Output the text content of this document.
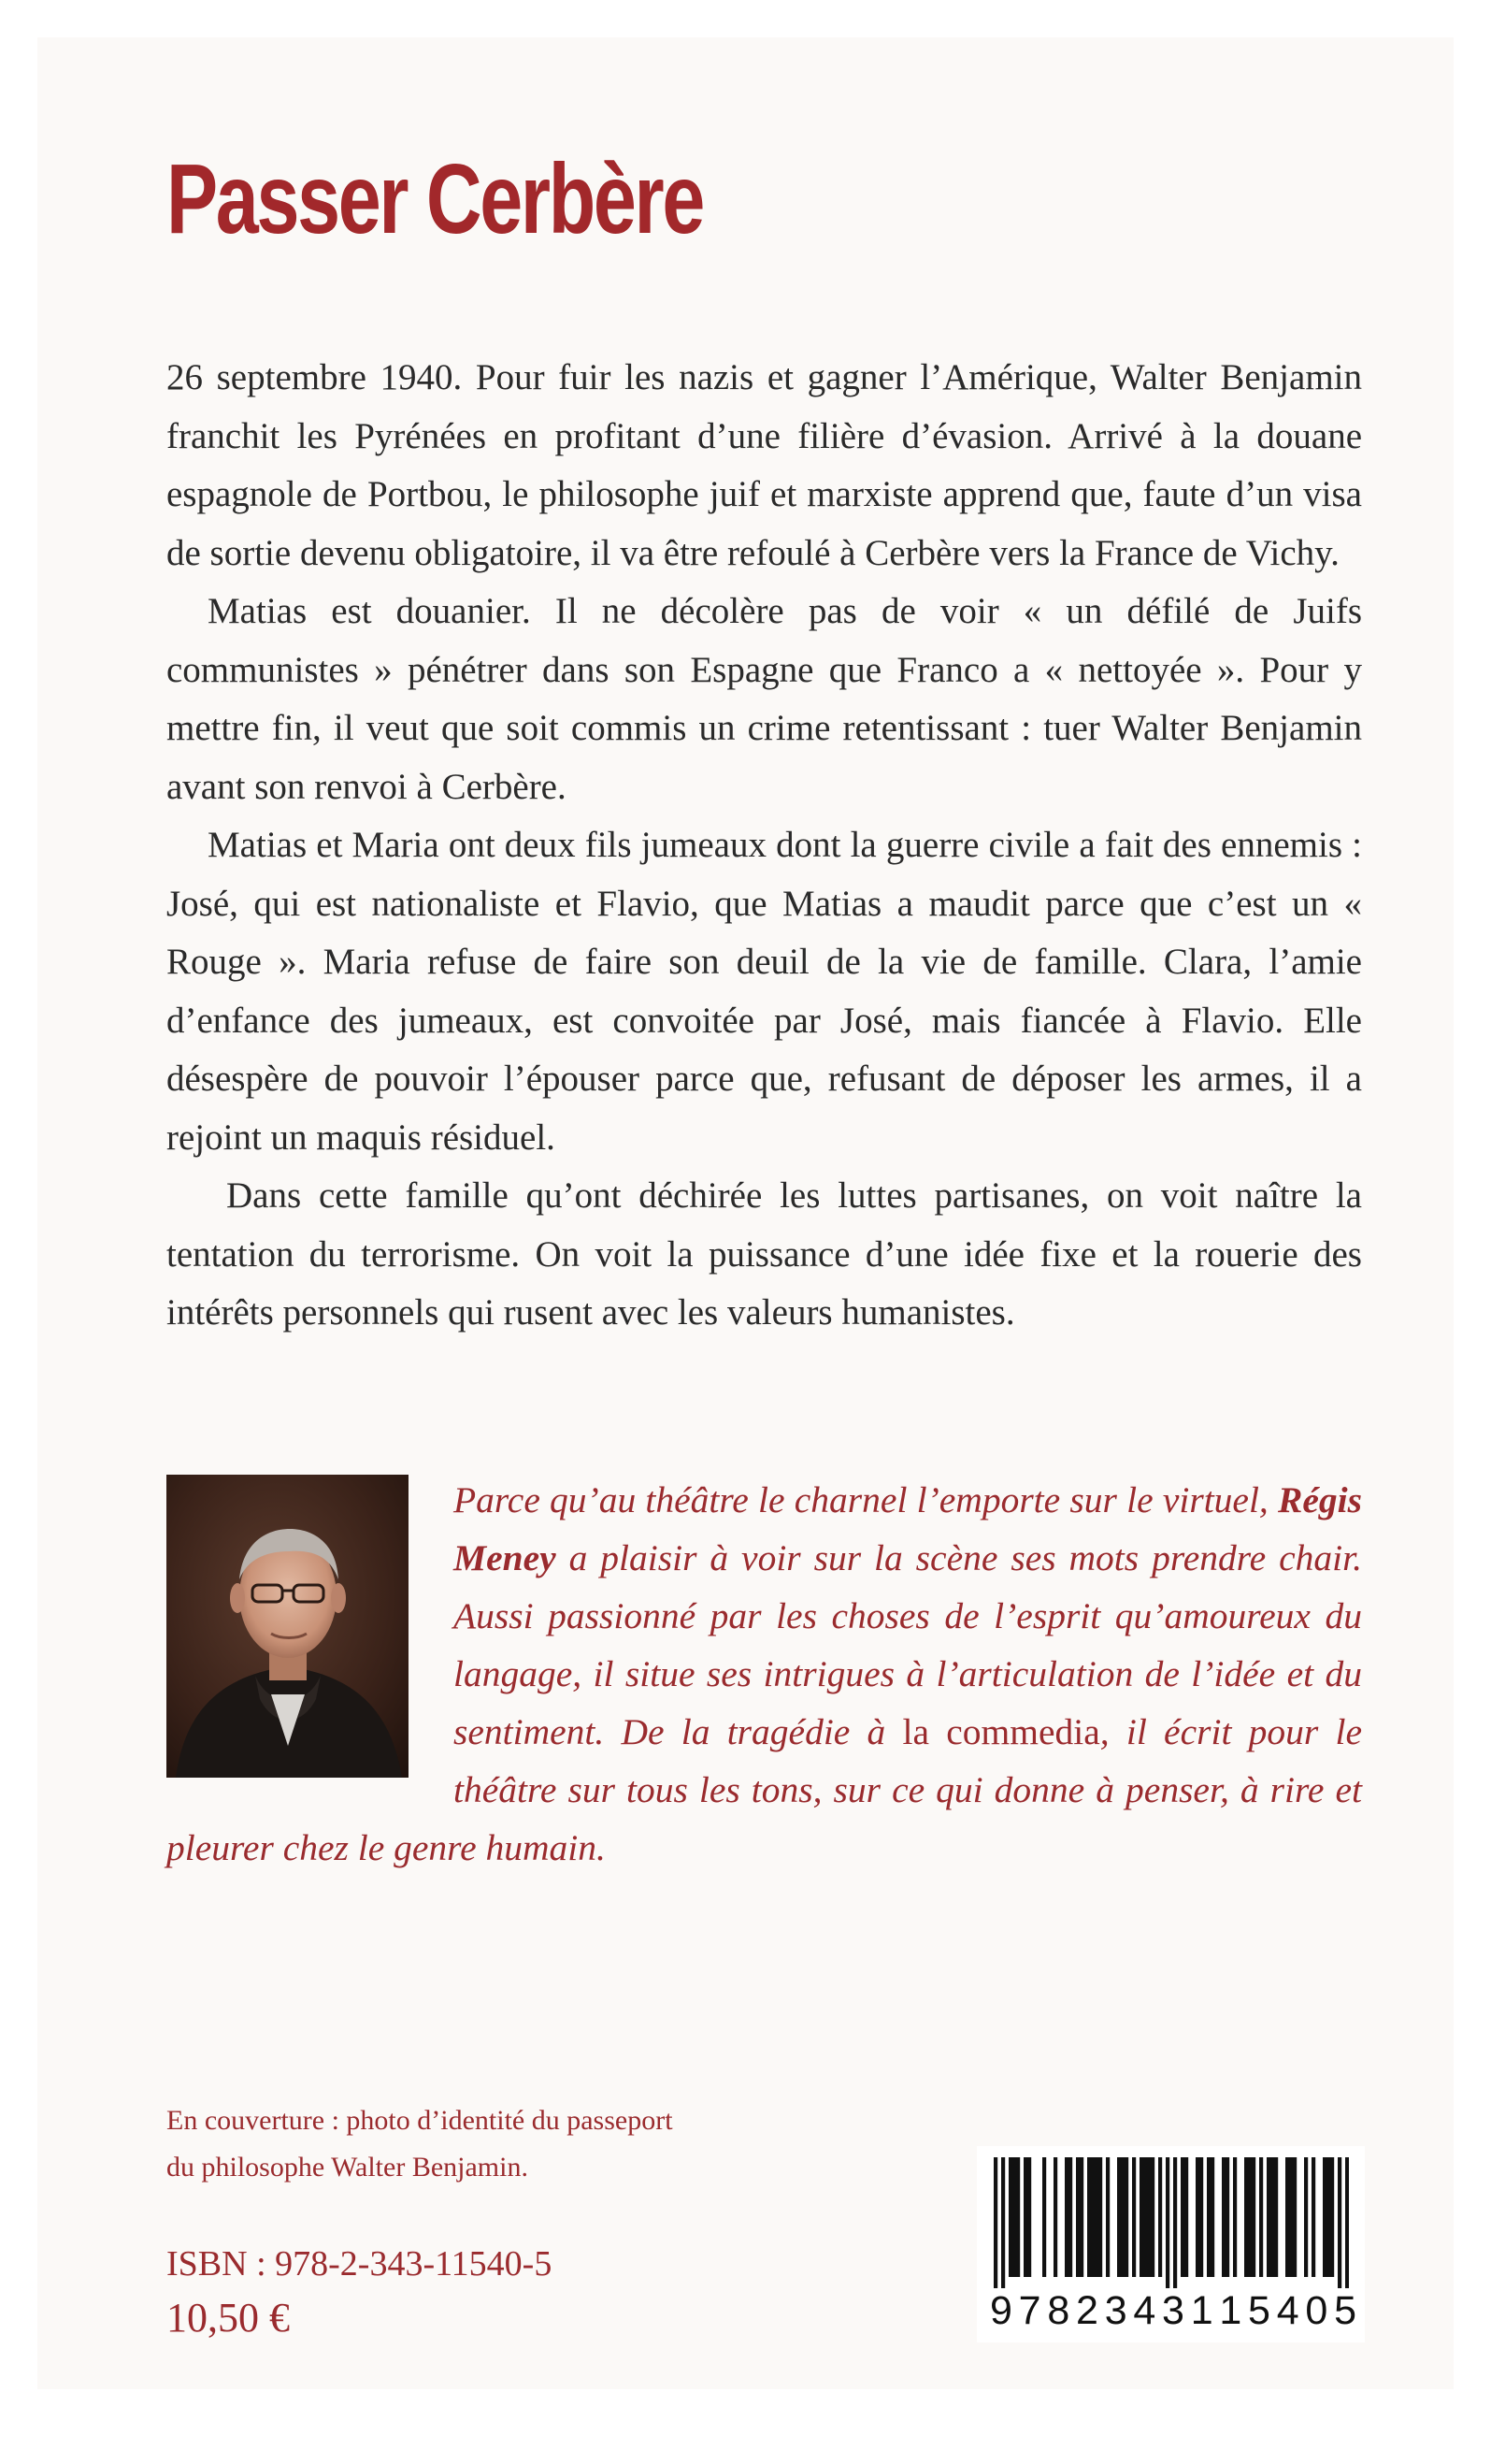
Passer Cerbère

26 septembre 1940. Pour fuir les nazis et gagner l’Amérique, Walter Benjamin franchit les Pyrénées en profitant d’une filière d’évasion. Arrivé à la douane espagnole de Portbou, le philosophe juif et marxiste apprend que, faute d’un visa de sortie devenu obligatoire, il va être refoulé à Cerbère vers la France de Vichy.

Matias est douanier. Il ne décolère pas de voir « un défilé de Juifs communistes » pénétrer dans son Espagne que Franco a « nettoyée ». Pour y mettre fin, il veut que soit commis un crime retentissant : tuer Walter Benjamin avant son renvoi à Cerbère.

Matias et Maria ont deux fils jumeaux dont la guerre civile a fait des ennemis : José, qui est nationaliste et Flavio, que Matias a maudit parce que c’est un « Rouge ». Maria refuse de faire son deuil de la vie de famille. Clara, l’amie d’enfance des jumeaux, est convoitée par José, mais fiancée à Flavio. Elle désespère de pouvoir l’épouser parce que, refusant de déposer les armes, il a rejoint un maquis résiduel.

Dans cette famille qu’ont déchirée les luttes partisanes, on voit naître la tentation du terrorisme. On voit la puissance d’une idée fixe et la rouerie des intérêts personnels qui rusent avec les valeurs humanistes.

Parce qu’au théâtre le charnel l’emporte sur le virtuel, Régis Meney a plaisir à voir sur la scène ses mots prendre chair. Aussi passionné par les choses de l’esprit qu’amoureux du langage, il situe ses intrigues à l’articulation de l’idée et du sentiment. De la tragédie à la commedia, il écrit pour le théâtre sur tous les tons, sur ce qui donne à penser, à rire et pleurer chez le genre humain.
En couverture : photo d’identité du passeport
du philosophe Walter Benjamin.
ISBN : 978-2-343-11540-5
10,50 €	9 7 8 2 3 4 3 1 1 5 4 0 5
